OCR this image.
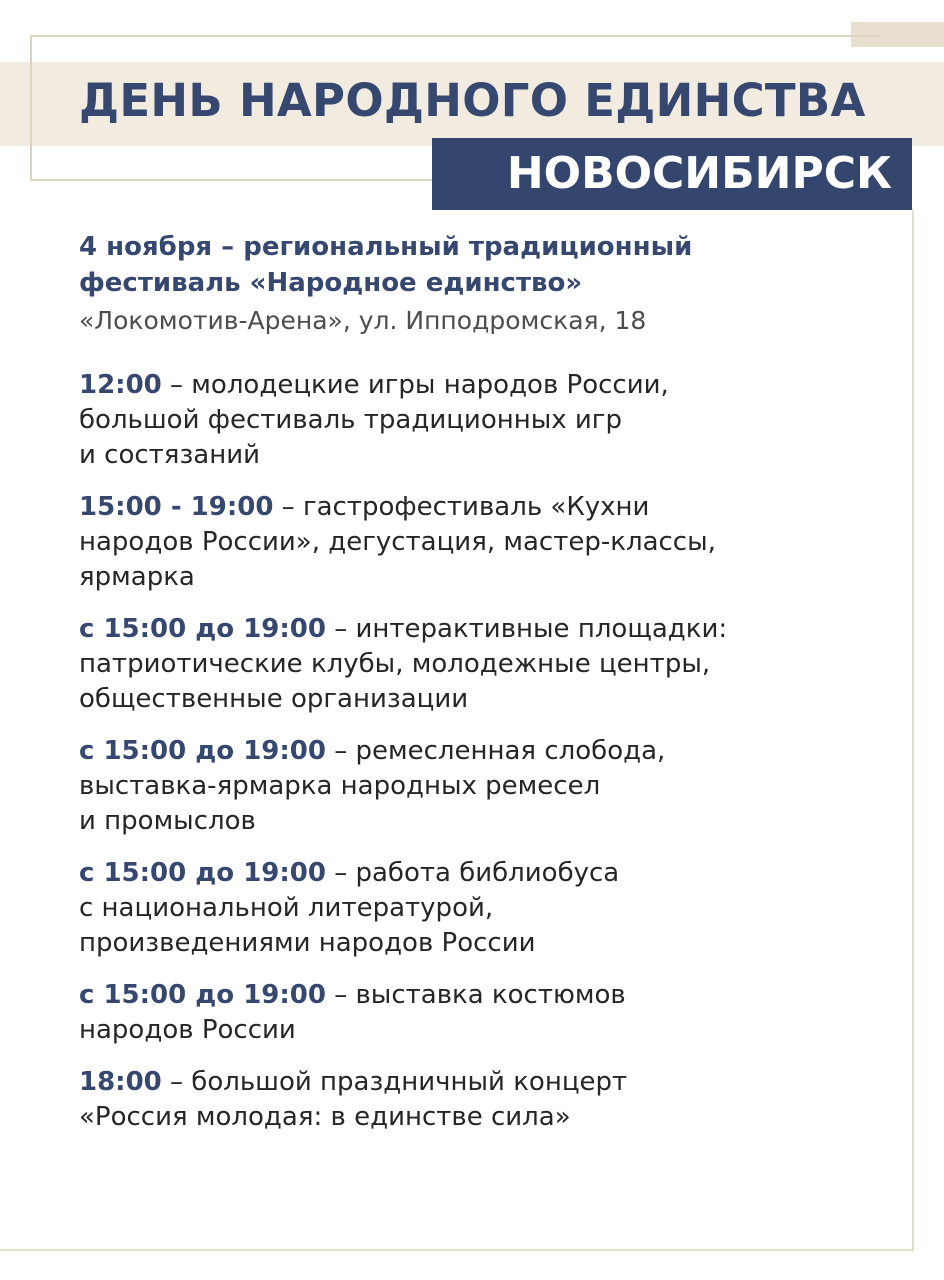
ДЕНЬ НАРОДНОГО ЕДИНСТВА
НОВОСИБИРСК
4 ноября – региональный традиционный
фестиваль «Народное единство»
«Локомотив-Арена», ул. Ипподромская, 18
12:00 – молодецкие игры народов России,
большой фестиваль традиционных игр
и состязаний
15:00 - 19:00 – гастрофестиваль «Кухни
народов России», дегустация, мастер-классы,
ярмарка
с 15:00 до 19:00 – интерактивные площадки:
патриотические клубы, молодежные центры,
общественные организации
с 15:00 до 19:00 – ремесленная слобода,
выставка-ярмарка народных ремесел
и промыслов
с 15:00 до 19:00 – работа библиобуса
с национальной литературой,
произведениями народов России
с 15:00 до 19:00 – выставка костюмов
народов России
18:00 – большой праздничный концерт
«Россия молодая: в единстве сила»
